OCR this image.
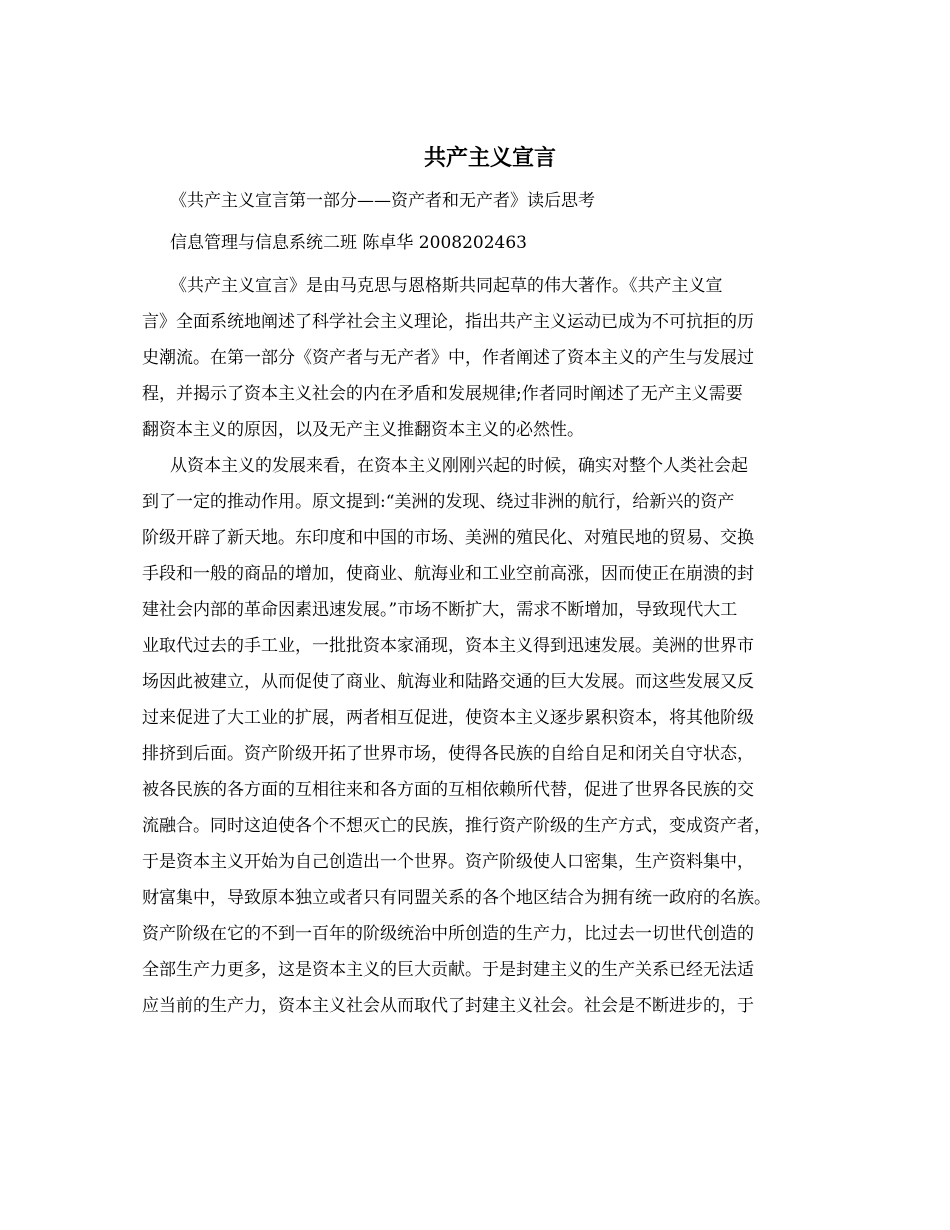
共产主义宣言

《共产主义宣言第一部分——资产者和无产者》读后思考

信息管理与信息系统二班 陈卓华 2008202463

《共产主义宣言》是由马克思与恩格斯共同起草的伟大著作。《共产主义宣
言》全面系统地阐述了科学社会主义理论，指出共产主义运动已成为不可抗拒的历
史潮流。在第一部分《资产者与无产者》中，作者阐述了资本主义的产生与发展过
程，并揭示了资本主义社会的内在矛盾和发展规律;作者同时阐述了无产主义需要
翻资本主义的原因，以及无产主义推翻资本主义的必然性。

从资本主义的发展来看，在资本主义刚刚兴起的时候，确实对整个人类社会起
到了一定的推动作用。原文提到:“美洲的发现、绕过非洲的航行，给新兴的资产
阶级开辟了新天地。东印度和中国的市场、美洲的殖民化、对殖民地的贸易、交换
手段和一般的商品的增加，使商业、航海业和工业空前高涨，因而使正在崩溃的封
建社会内部的革命因素迅速发展。”市场不断扩大，需求不断增加，导致现代大工
业取代过去的手工业，一批批资本家涌现，资本主义得到迅速发展。美洲的世界市
场因此被建立，从而促使了商业、航海业和陆路交通的巨大发展。而这些发展又反
过来促进了大工业的扩展，两者相互促进，使资本主义逐步累积资本，将其他阶级
排挤到后面。资产阶级开拓了世界市场，使得各民族的自给自足和闭关自守状态，
被各民族的各方面的互相往来和各方面的互相依赖所代替，促进了世界各民族的交
流融合。同时这迫使各个不想灭亡的民族，推行资产阶级的生产方式，变成资产者，
于是资本主义开始为自己创造出一个世界。资产阶级使人口密集，生产资料集中，
财富集中，导致原本独立或者只有同盟关系的各个地区结合为拥有统一政府的名族。
资产阶级在它的不到一百年的阶级统治中所创造的生产力，比过去一切世代创造的
全部生产力更多，这是资本主义的巨大贡献。于是封建主义的生产关系已经无法适
应当前的生产力，资本主义社会从而取代了封建主义社会。社会是不断进步的，于
